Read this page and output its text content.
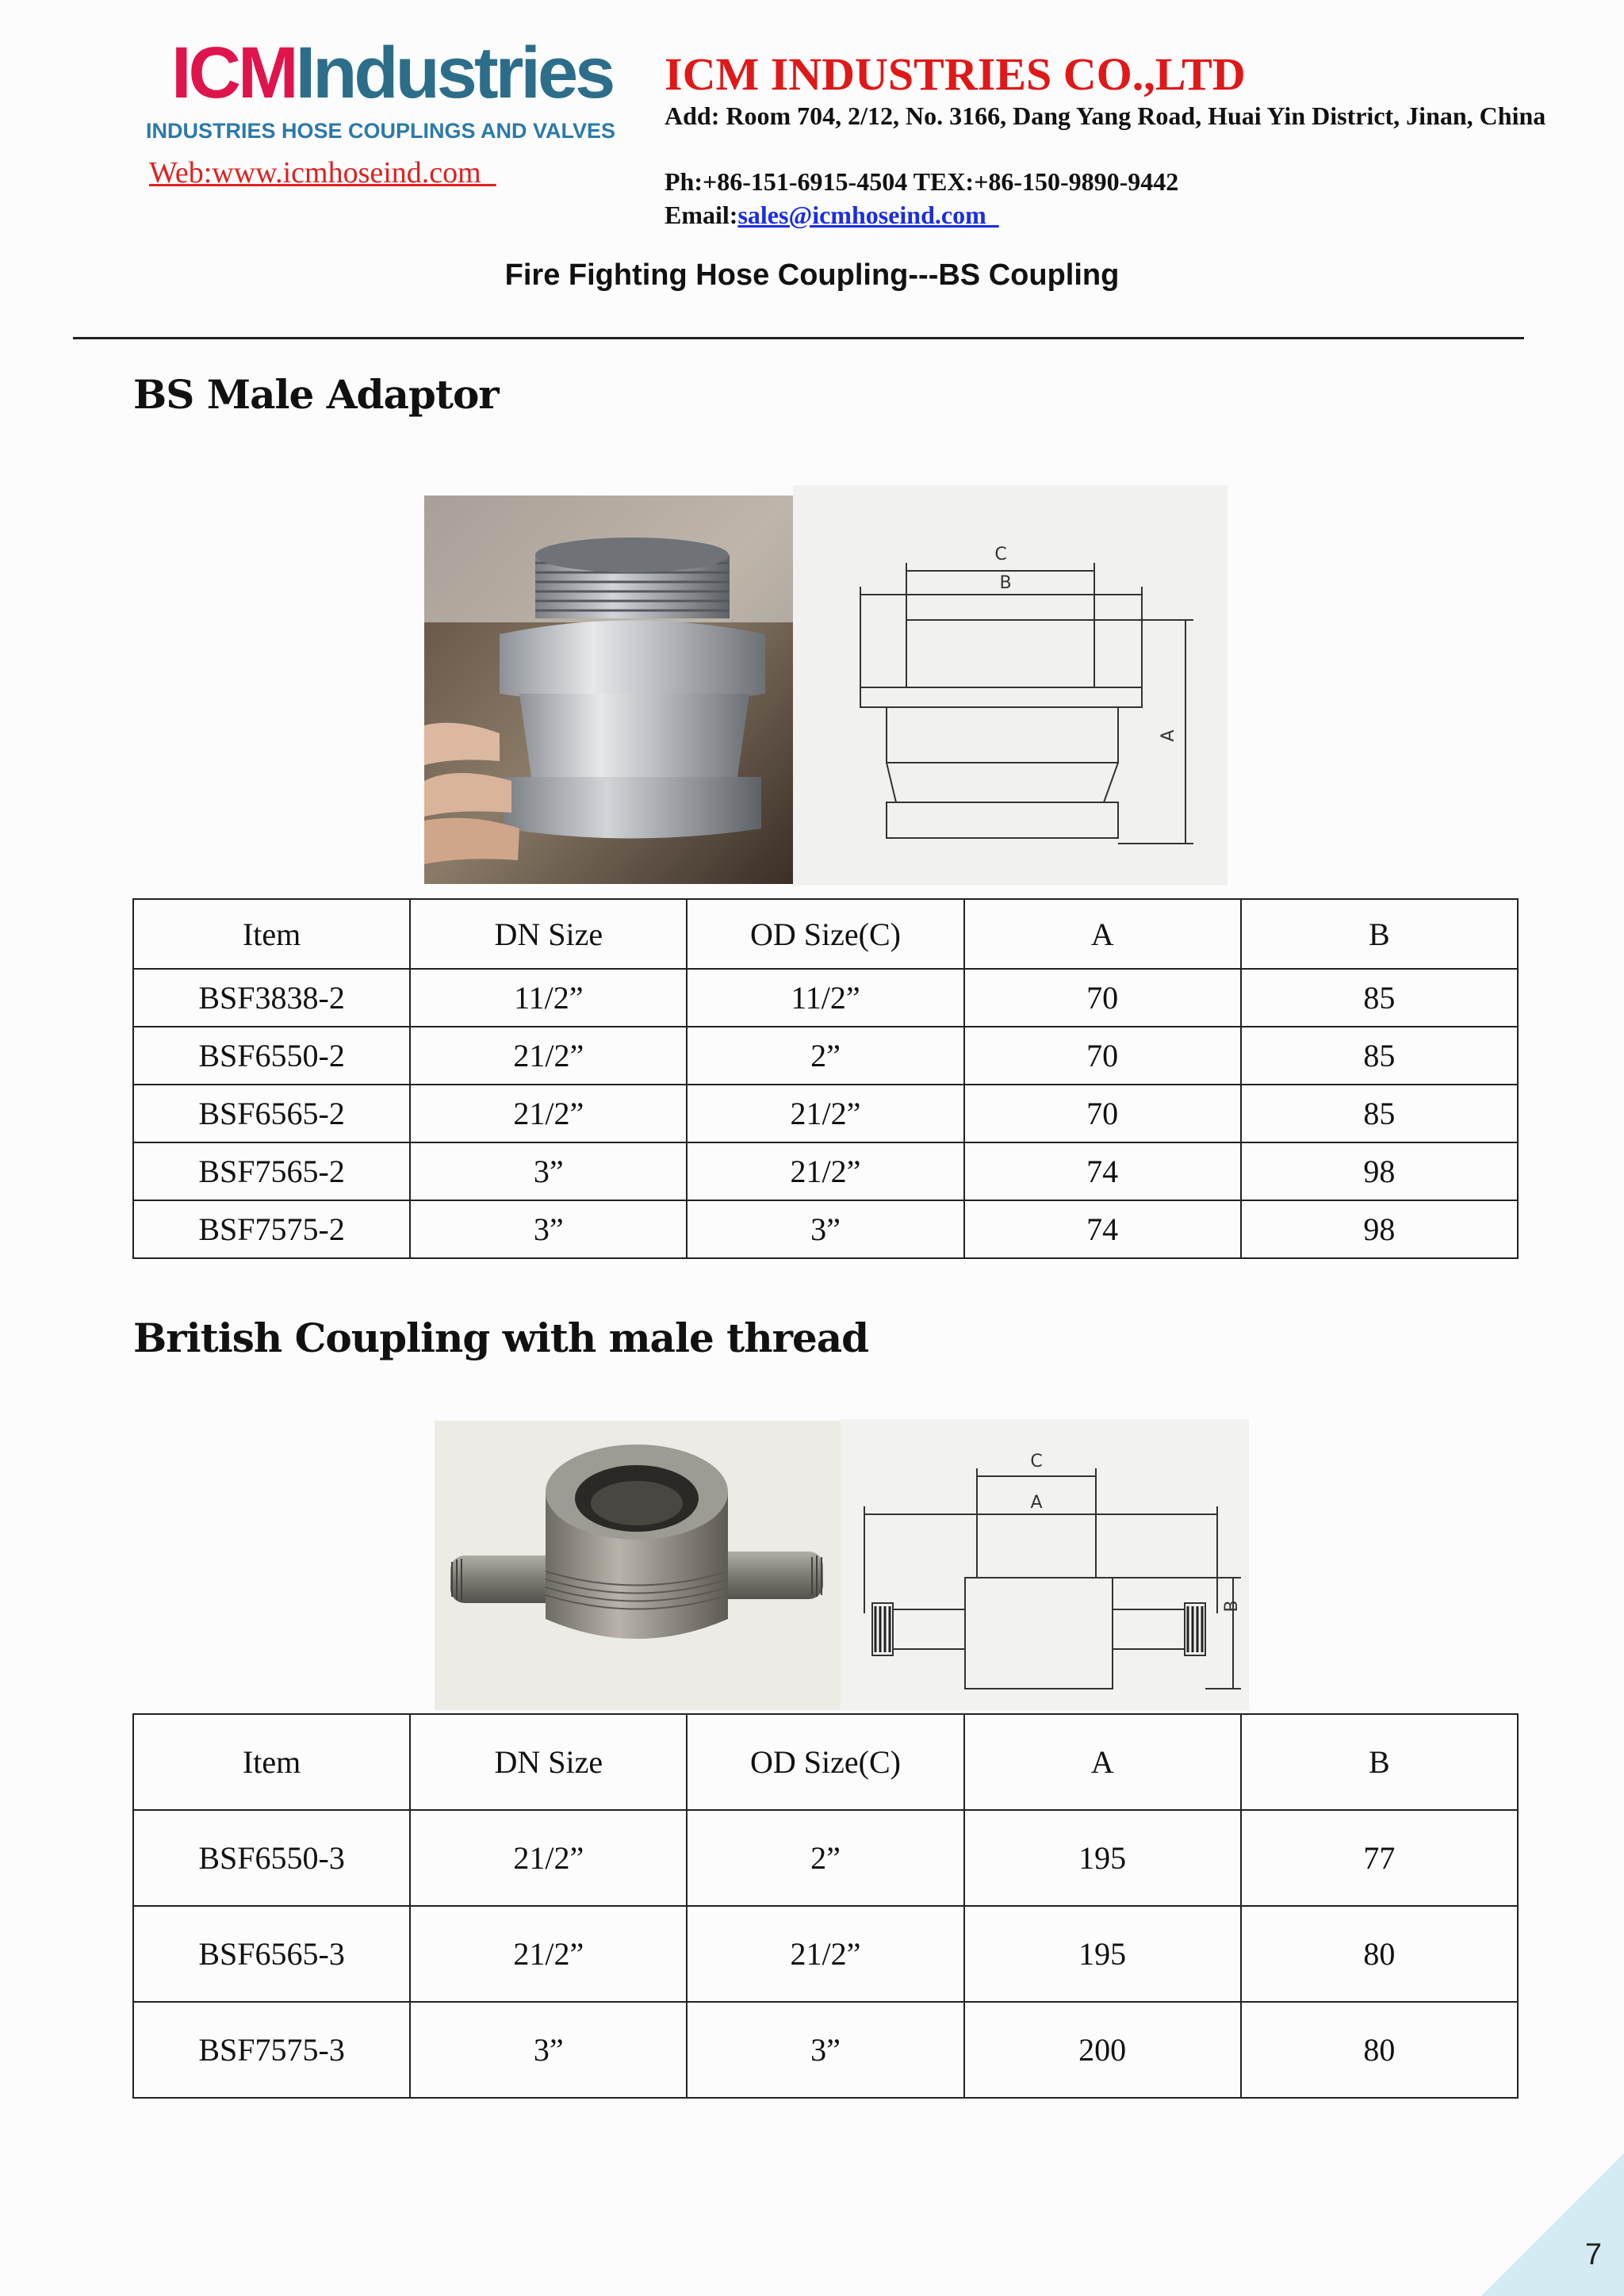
ICMIndustries
INDUSTRIES HOSE COUPLINGS AND VALVES
Web:www.icmhoseind.com
ICM INDUSTRIES CO.,LTD
Add: Room 704, 2/12, No. 3166, Dang Yang Road, Huai Yin District, Jinan, China
Ph:+86-151-6915-4504 TEX:+86-150-9890-9442
Email:sales@icmhoseind.com
Fire Fighting Hose Coupling---BS Coupling
BS Male Adaptor
C
B
A
Item	DN Size	OD Size(C)	A	B
BSF3838-2	11/2”	11/2”	70	85
BSF6550-2	21/2”	2”	70	85
BSF6565-2	21/2”	21/2”	70	85
BSF7565-2	3”	21/2”	74	98
BSF7575-2	3”	3”	74	98
British Coupling with male thread
C
A
B
Item	DN Size	OD Size(C)	A	B
BSF6550-3	21/2”	2”	195	77
BSF6565-3	21/2”	21/2”	195	80
BSF7575-3	3”	3”	200	80
7
